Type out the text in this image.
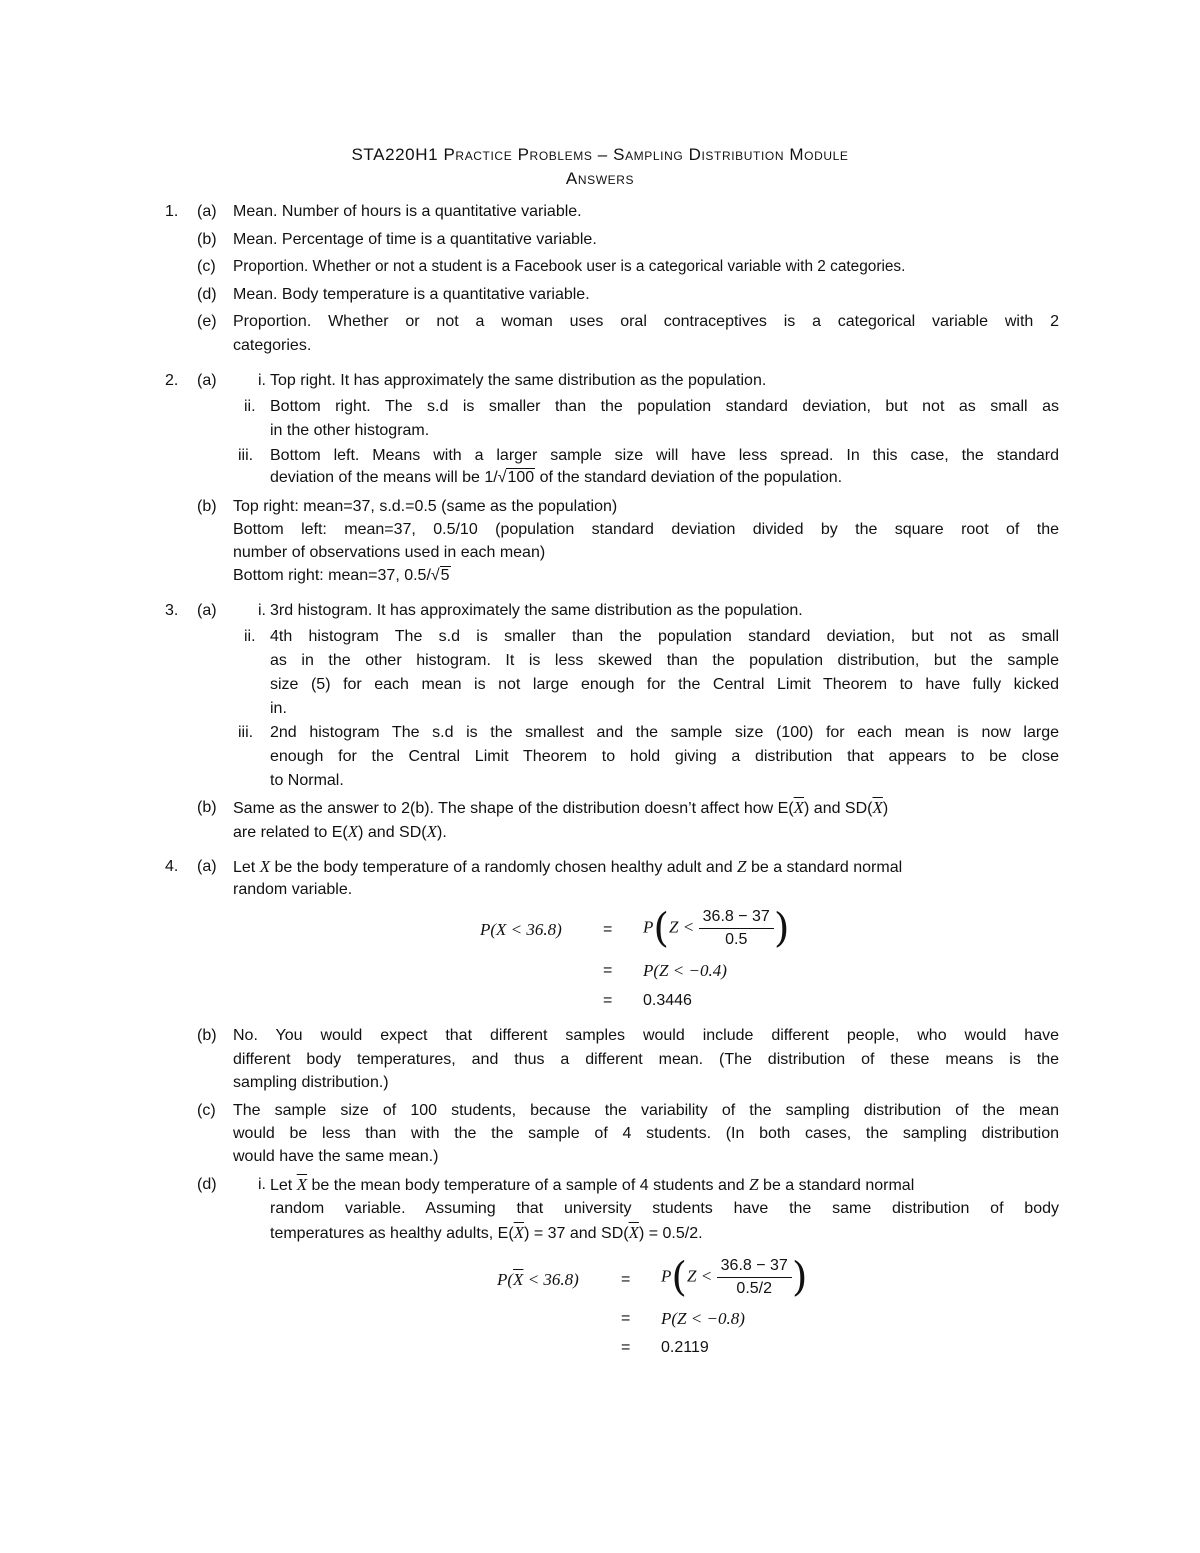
STA220H1 Practice Problems – Sampling Distribution Module
Answers
1. (a) Mean. Number of hours is a quantitative variable.
(b) Mean. Percentage of time is a quantitative variable.
(c) Proportion. Whether or not a student is a Facebook user is a categorical variable with 2 categories.
(d) Mean. Body temperature is a quantitative variable.
(e) Proportion. Whether or not a woman uses oral contraceptives is a categorical variable with 2
categories.
2. (a)	i. Top right. It has approximately the same distribution as the population.
ii. Bottom right. The s.d is smaller than the population standard deviation, but not as small as
in the other histogram.
iii. Bottom left. Means with a larger sample size will have less spread. In this case, the standard
deviation of the means will be 1/√100 of the standard deviation of the population.
(b) Top right: mean=37, s.d.=0.5 (same as the population)
Bottom left: mean=37, 0.5/10 (population standard deviation divided by the square root of the
number of observations used in each mean)
Bottom right: mean=37, 0.5/√5
3. (a)	i. 3rd histogram. It has approximately the same distribution as the population.
ii. 4th histogram The s.d is smaller than the population standard deviation, but not as small
as in the other histogram. It is less skewed than the population distribution, but the sample
size (5) for each mean is not large enough for the Central Limit Theorem to have fully kicked
in.
iii. 2nd histogram The s.d is the smallest and the sample size (100) for each mean is now large
enough for the Central Limit Theorem to hold giving a distribution that appears to be close
to Normal.
(b) Same as the answer to 2(b). The shape of the distribution doesn’t affect how $E(\overline{X})$ and $SD(\overline{X})$
are related to E(X) and SD(X).
4. (a) Let X be the body temperature of a randomly chosen healthy adult and Z be a standard normal
random variable.
P(X < 36.8)	= $P(Z < \frac{36.8 - 37}{0.5}$ )
= P(Z < −0.4)
= 0.3446
(b) No. You would expect that different samples would include different people, who would have
different body temperatures, and thus a different mean. (The distribution of these means is the
sampling distribution.)
(c) The sample size of 100 students, because the variability of the sampling distribution of the mean
would be less than with the the sample of 4 students. (In both cases, the sampling distribution
would have the same mean.)
(d)	i. Let $\overline{X}$ be the mean body temperature of a sample of 4 students and Z be a standard normal
random variable. Assuming that university students have the same distribution of body
temperatures as healthy adults, $E(\overline{X}) = 37$ and $SD(\overline{X}) = 0.5/2$.
$P(\overline{X} < 36.8)$	= $P(Z < \frac{36.8 - 37}{0.5/2}$ )
= P(Z < −0.8)
= 0.2119
